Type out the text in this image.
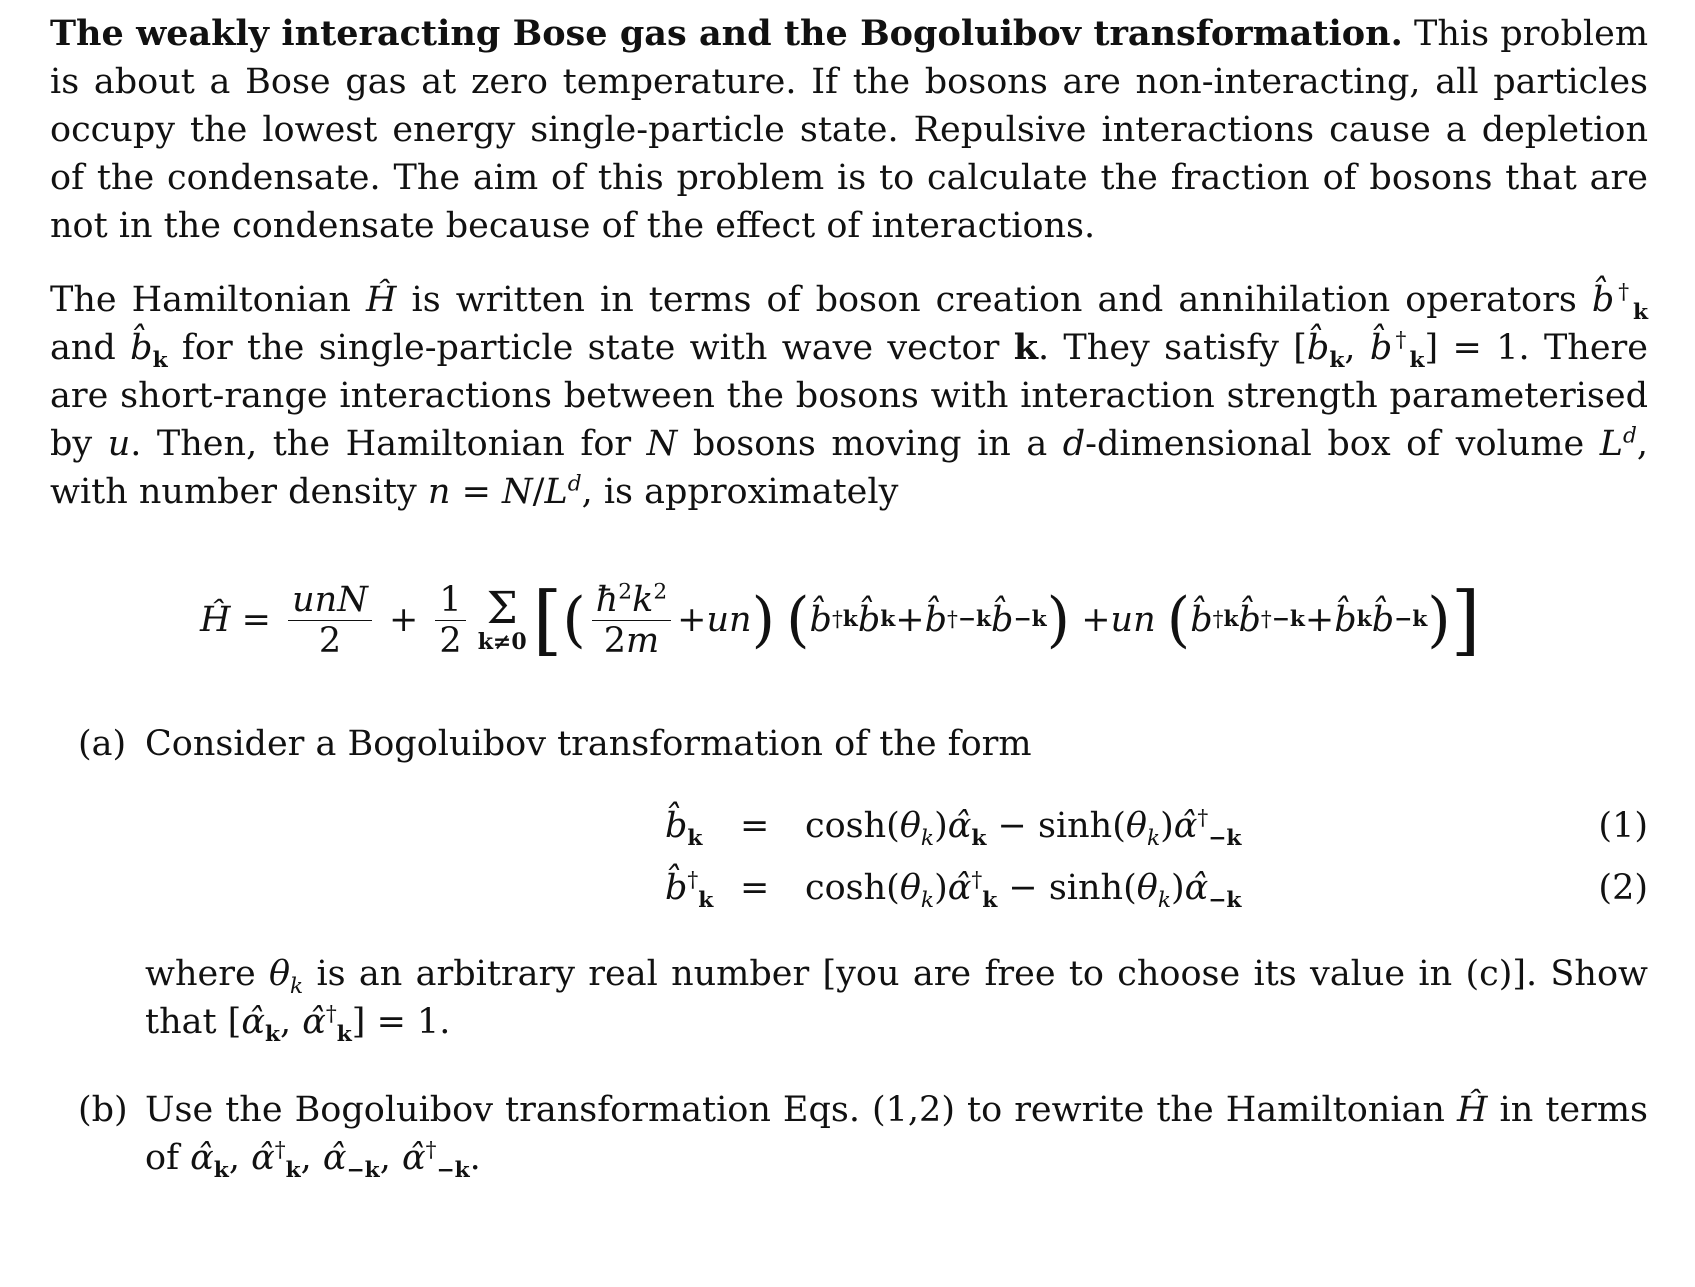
The weakly interacting Bose gas and the Bogoluibov transformation. This problem is about a Bose gas at zero temperature. If the bosons are non-interacting, all particles occupy the lowest energy single-particle state. Repulsive interactions cause a depletion of the condensate. The aim of this problem is to calculate the fraction of bosons that are not in the condensate because of the effect of interactions.

The Hamiltonian Ĥ is written in terms of boson creation and annihilation operators $b̂^\dagger_k$ and $b̂_k$ for the single-particle state with wave vector k. They satisfy [$b̂_k$, $b̂^\dagger_k] = 1$. There are short-range interactions between the bosons with interaction strength parameterised by u. Then, the Hamiltonian for N bosons moving in a d-dimensional box of volume $L^d$, with number density $n = N/L^d$, is approximately

Ĥ = $\frac{\text{unN}}{2} + \frac{1}{2}$ Σ
k≠0 [ ( $\frac{ħ^2k^2}{2m}$ + un )
( b̂ † k b̂ k + b̂ † −k b̂ −k ) + un
( b̂ † k b̂ † −k + b̂ k b̂ −k ) ]
(a) Consider a Bogoluibov transformation of the form
$b̂_k$ = $\cosh(\theta_k)\alphâ_k$ − $\sinh(\theta_k)\alphâ^\dagger_{-k}$	(1)
$b̂^\dagger_k$ = $\cosh(\theta_k)\alphâ^\dagger_k$ − $\sinh(\theta_k)\alphâ_{-k}$	(2)
where $\theta_k$ is an arbitrary real number [you are free to choose its value in (c)]. Show that [$\alphâ_k$, $\alphâ^\dagger_k] = 1$.
(b) Use the Bogoluibov transformation Eqs. (1,2) to rewrite the Hamiltonian Ĥ in terms of $\alphâ_k$, $\alphâ^\dagger_k$, $\alphâ_{-k}$, $\alphâ^\dagger_{-k}$.
